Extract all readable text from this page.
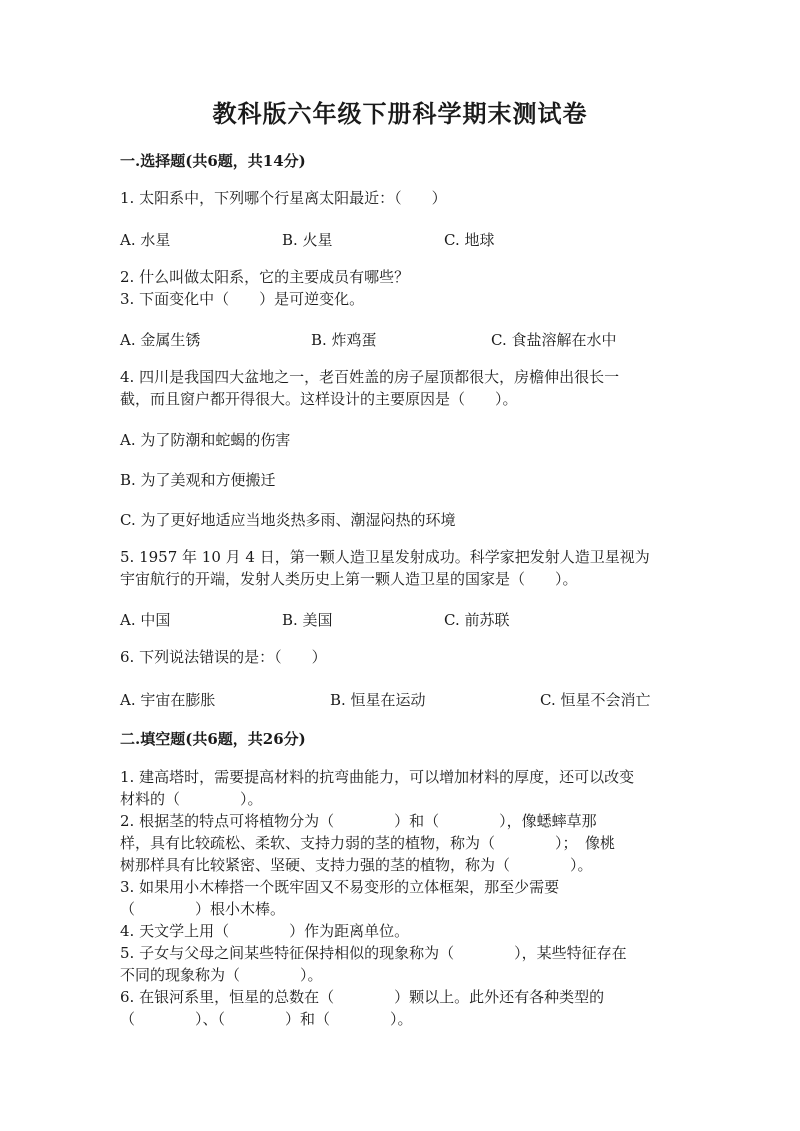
教科版六年级下册科学期末测试卷
一.选择题(共6题，共14分)
1. 太阳系中，下列哪个行星离太阳最近：（　　）
A. 水星	B. 火星	C. 地球
2. 什么叫做太阳系，它的主要成员有哪些？
3. 下面变化中（　　）是可逆变化。
A. 金属生锈	B. 炸鸡蛋	C. 食盐溶解在水中
4. 四川是我国四大盆地之一，老百姓盖的房子屋顶都很大，房檐伸出很长一
截，而且窗户都开得很大。这样设计的主要原因是（　　）。
A. 为了防潮和蛇蝎的伤害
B. 为了美观和方便搬迁
C. 为了更好地适应当地炎热多雨、潮湿闷热的环境
5. 1957 年 10 月 4 日，第一颗人造卫星发射成功。科学家把发射人造卫星视为
宇宙航行的开端，发射人类历史上第一颗人造卫星的国家是（　　）。
A. 中国	B. 美国	C. 前苏联
6. 下列说法错误的是：（　　）
A. 宇宙在膨胀	B. 恒星在运动	C. 恒星不会消亡
二.填空题(共6题，共26分)
1. 建高塔时，需要提高材料的抗弯曲能力，可以增加材料的厚度，还可以改变
材料的（　　　　）。
2. 根据茎的特点可将植物分为（　　　　）和（　　　　），像蟋蟀草那
样，具有比较疏松、柔软、支持力弱的茎的植物，称为（　　　　）；　像桃
树那样具有比较紧密、坚硬、支持力强的茎的植物，称为（　　　　）。
3. 如果用小木棒搭一个既牢固又不易变形的立体框架，那至少需要
（　　　　）根小木棒。
4. 天文学上用（　　　　）作为距离单位。
5. 子女与父母之间某些特征保持相似的现象称为（　　　　），某些特征存在
不同的现象称为（　　　　）。
6. 在银河系里，恒星的总数在（　　　　）颗以上。此外还有各种类型的
（　　　　）、（　　　　）和（　　　　）。
